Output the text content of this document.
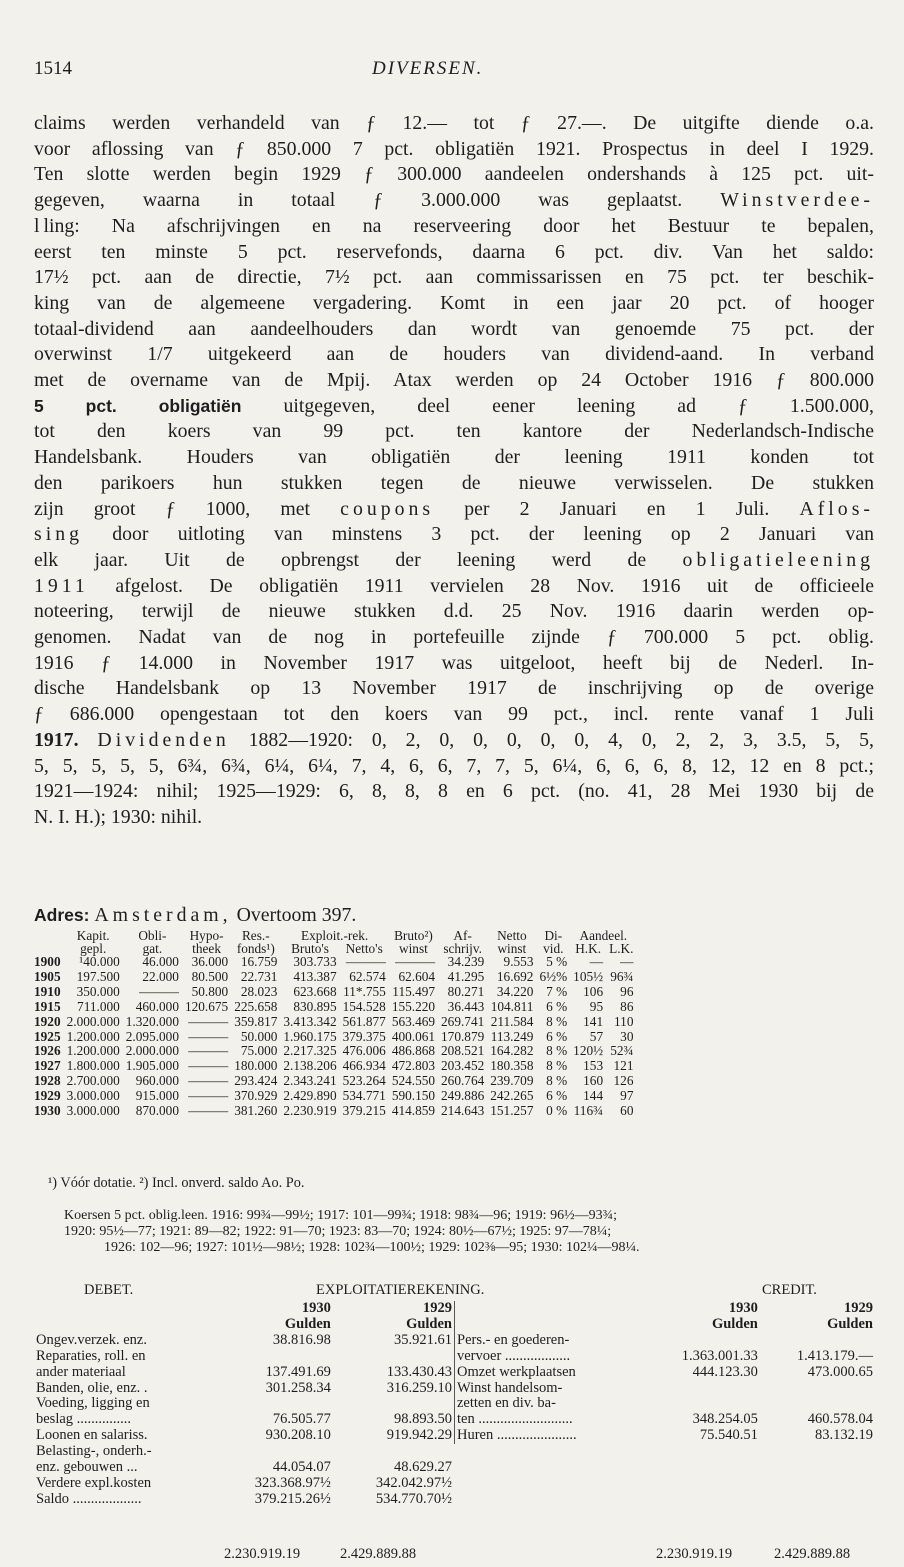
1514	DIVERSEN.
claims werden verhandeld van ƒ 12.— tot ƒ 27.—. De uitgifte diende o.a.
voor aflossing van ƒ 850.000 7 pct. obligatiën 1921. Prospectus in deel I 1929.
Ten slotte werden begin 1929 ƒ 300.000 aandeelen ondershands à 125 pct. uit-
gegeven, waarna in totaal ƒ 3.000.000 was geplaatst. Winstverdee-
lling: Na afschrijvingen en na reserveering door het Bestuur te bepalen,
eerst ten minste 5 pct. reservefonds, daarna 6 pct. div. Van het saldo:
17½ pct. aan de directie, 7½ pct. aan commissarissen en 75 pct. ter beschik-
king van de algemeene vergadering. Komt in een jaar 20 pct. of hooger
totaal-dividend aan aandeelhouders dan wordt van genoemde 75 pct. der
overwinst 1/7 uitgekeerd aan de houders van dividend-aand. In verband
met de overname van de Mpij. Atax werden op 24 October 1916 ƒ 800.000
5 pct. obligatiën uitgegeven, deel eener leening ad ƒ 1.500.000,
tot den koers van 99 pct. ten kantore der Nederlandsch-Indische
Handelsbank. Houders van obligatiën der leening 1911 konden tot
den parikoers hun stukken tegen de nieuwe verwisselen. De stukken
zijn groot ƒ 1000, met coupons per 2 Januari en 1 Juli. Aflos-
sing door uitloting van minstens 3 pct. der leening op 2 Januari van
elk jaar. Uit de opbrengst der leening werd de obligatieleening
1911 afgelost. De obligatiën 1911 vervielen 28 Nov. 1916 uit de officieele
noteering, terwijl de nieuwe stukken d.d. 25 Nov. 1916 daarin werden op-
genomen. Nadat van de nog in portefeuille zijnde ƒ 700.000 5 pct. oblig.
1916 ƒ 14.000 in November 1917 was uitgeloot, heeft bij de Nederl. In-
dische Handelsbank op 13 November 1917 de inschrijving op de overige
ƒ 686.000 opengestaan tot den koers van 99 pct., incl. rente vanaf 1 Juli
1917. Dividenden 1882—1920: 0, 2, 0, 0, 0, 0, 0, 4, 0, 2, 2, 3, 3.5, 5, 5,
5, 5, 5, 5, 5, 6¾, 6¾, 6¼, 6¼, 7, 4, 6, 6, 7, 7, 5, 6¼, 6, 6, 6, 8, 12, 12 en 8 pct.;
1921—1924: nihil; 1925—1929: 6, 8, 8, 8 en 6 pct. (no. 41, 28 Mei 1930 bij de
N. I. H.); 1930: nihil.
Adres: Amsterdam, Overtoom 397.
	Kapit.	Obli-	Hypo-	Res.-	Exploit.-rek.		Bruto²)	Af-	Netto	Di-	Aandeel.	
	gepl.	gat.	theek	fonds¹)	Bruto's	Netto's	winst	schrijv.	winst	vid.	H.K.	L.K.
1900	¹40.000	46.000	36.000	16.759	303.733	———	———	34.239	9.553	5 %	—	—
1905	197.500	22.000	80.500	22.731	413.387	62.574	62.604	41.295	16.692	6½%	105½	96¾
1910	350.000	———	50.800	28.023	623.668	11*.755	115.497	80.271	34.220	7 %	106	96
1915	711.000	460.000	120.675	225.658	830.895	154.528	155.220	36.443	104.811	6 %	95	86
1920	2.000.000	1.320.000	———	359.817	3.413.342	561.877	563.469	269.741	211.584	8 %	141	110
1925	1.200.000	2.095.000	———	50.000	1.960.175	379.375	400.061	170.879	113.249	6 %	57	30
1926	1.200.000	2.000.000	———	75.000	2.217.325	476.006	486.868	208.521	164.282	8 %	120½	52¾
1927	1.800.000	1.905.000	———	180.000	2.138.206	466.934	472.803	203.452	180.358	8 %	153	121
1928	2.700.000	960.000	———	293.424	2.343.241	523.264	524.550	260.764	239.709	8 %	160	126
1929	3.000.000	915.000	———	370.929	2.429.890	534.771	590.150	249.886	242.265	6 %	144	97
1930	3.000.000	870.000	———	381.260	2.230.919	379.215	414.859	214.643	151.257	0 %	116¾	60
¹) Vóór dotatie. ²) Incl. onverd. saldo Ao. Po.
Koersen 5 pct. oblig.leen. 1916: 99¾—99½; 1917: 101—99¾; 1918: 98¾—96; 1919: 96½—93¾;
1920: 95½—77; 1921: 89—82; 1922: 91—70; 1923: 83—70; 1924: 80½—67½; 1925: 97—78¼;
1926: 102—96; 1927: 101½—98½; 1928: 102¾—100½; 1929: 102⅜—95; 1930: 102¼—98¼.
DEBET.	EXPLOITATIEREKENING.	CREDIT.
	1930	1929
	Gulden	Gulden
Ongev.verzek. enz.	38.816.98	35.921.61
Reparaties, roll. en		
ander materiaal	137.491.69	133.430.43
Banden, olie, enz. .	301.258.34	316.259.10
Voeding, ligging en		
beslag ...............	76.505.77	98.893.50
Loonen en salariss.	930.208.10	919.942.29
Belasting-, onderh.-		
enz. gebouwen ...	44.054.07	48.629.27
Verdere expl.kosten	323.368.97½	342.042.97½
Saldo ...................	379.215.26½	534.770.70½
	1930	1929
	Gulden	Gulden
Pers.- en goederen-		
vervoer ..................	1.363.001.33	1.413.179.—
Omzet werkplaatsen	444.123.30	473.000.65
Winst handelsom-		
zetten en div. ba-		
ten ..........................	348.254.05	460.578.04
Huren ......................	75.540.51	83.132.19
2.230.919.19	2.429.889.88	2.230.919.19	2.429.889.88
